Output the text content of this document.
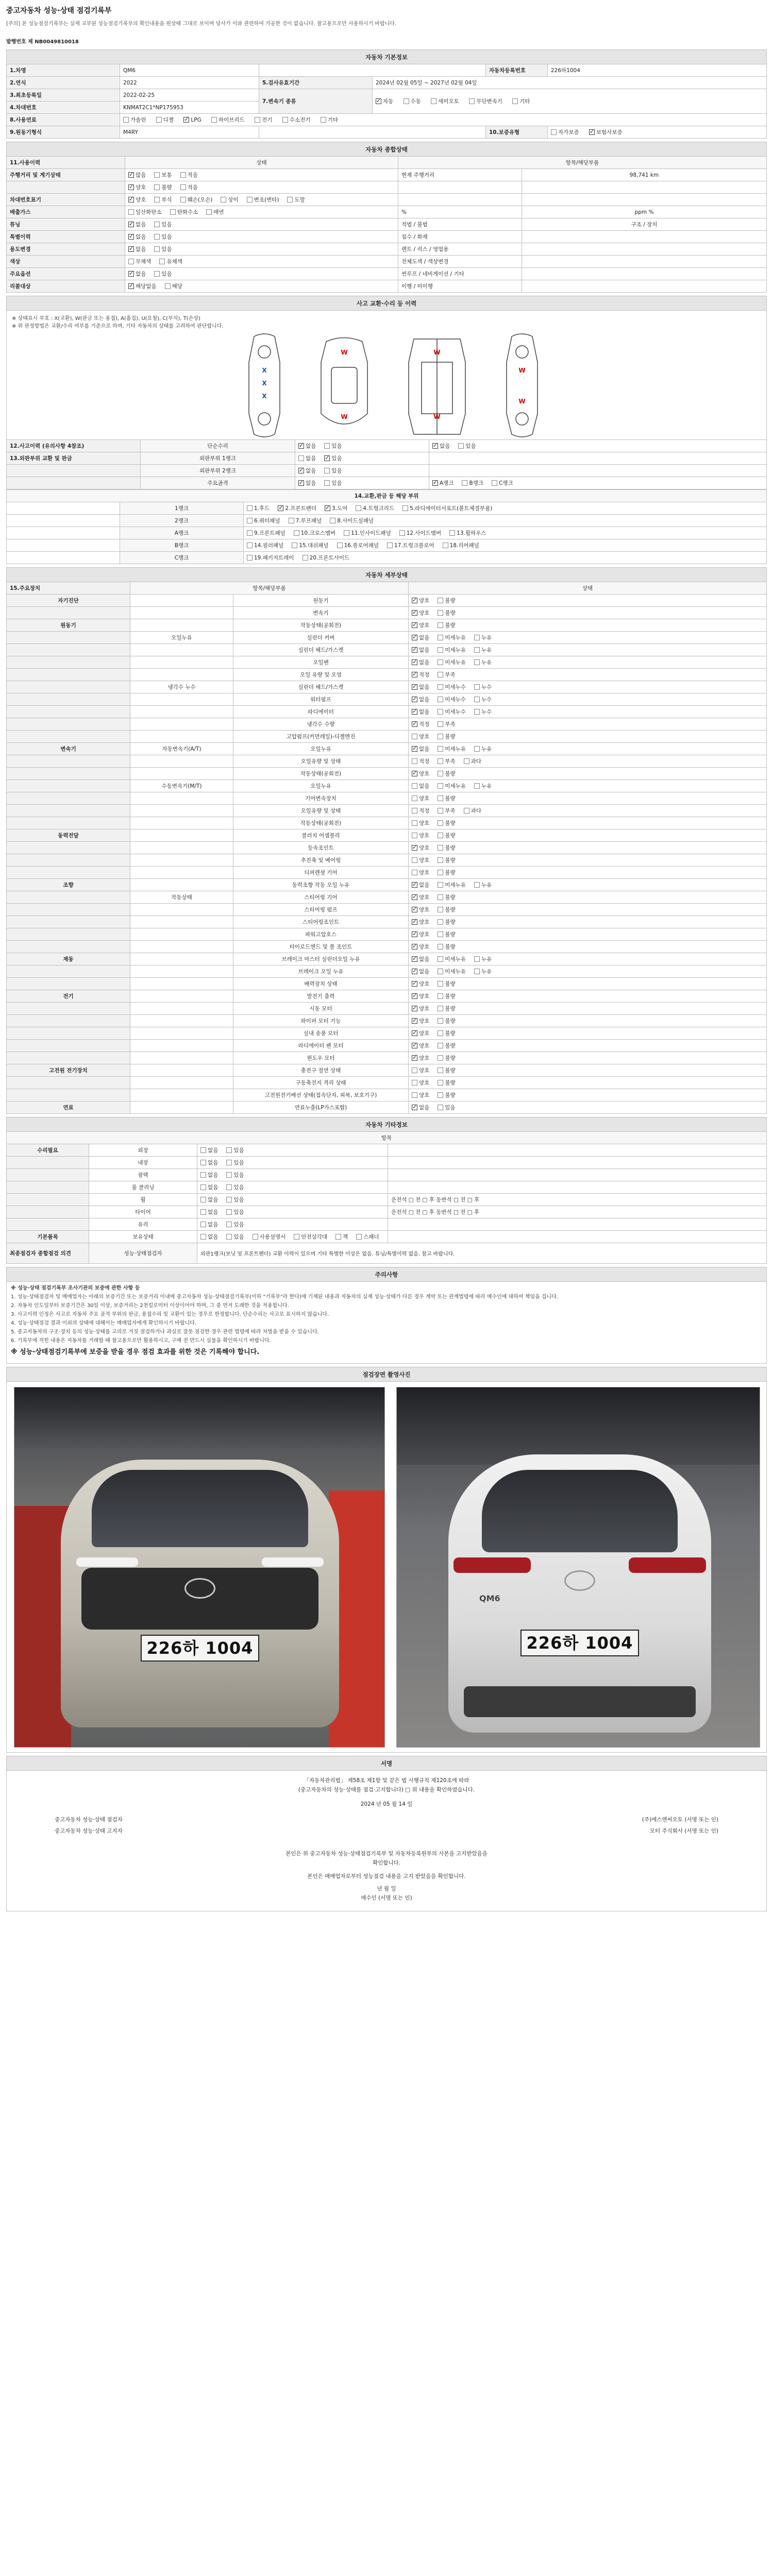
중고자동차 성능·상태 점검기록부
[주의] 본 성능점검기록부는 실제 교부된 성능점검기록부의 확인내용을 원상태 그대로 보이며 당사가 이와 관련하여 가공한 것이 없습니다. 참고용으로만 사용하시기 바랍니다.
발행번호 제 NB0049810018
자동차 기본정보					
1.차명	QM6			자동차등록번호	226하1004
2.연식	2022	5.검사유효기간	2024년 02월 05일 ~ 2027년 02월 04일		
3.최초등록일	2022-02-25	7.변속기 종류	✓자동 수동 세미오토 무단변속기 기타
4.차대번호	KNMAT2C1*NP175953				
8.사용연료	가솔린 디젤 ✓ LPG 하이브리드 전기 수소전기 기타
9.원동기형식	M4RY			10.보증유형	자가보증 ✓ 보험사보증
자동차 종합상태			
11.사용이력	상태	항목/해당부품	
주행거리 및 계기상태	✓많음 보통 적음	현재 주행거리	98,741 km
	✓양호 불량 적음		
차대번호표기	✓양호 부식 훼손(오손) 상이 변조(변타) 도말		
배출가스	일산화탄소 탄화수소 매연	%	ppm %
튜닝	✓없음 있음	적법 / 불법	구조 / 장치
특별이력	✓없음 있음	침수 / 화재	
용도변경	✓없음 있음	렌트 / 리스 / 영업용	
색상	무채색 유채색	전체도색 / 색상변경	
주요옵션	✓없음 있음	썬루프 / 네비게이션 / 기타	
리콜대상	✓해당없음 해당	이행 / 미이행	
사고 교환·수리 등 이력
※ 상태표시 부호 : X(교환), W(판금 또는 용접), A(흠집), U(요철), C(부식), T(손상)
※ 위 판정방법은 교환/수리 여부를 기준으로 하며, 기타 자동차의 상태를 고려하여 판단합니다.
X
X
X
W
W
W
W
W
W
12.사고이력 (유의사항 4참조)	단순수리	✓없음 있음	✓없음 있음
13.외판부위 교환 및 판금	외판부위 1랭크	없음 ✓ 있음	
	외판부위 2랭크	✓없음 있음	
	주요골격	✓없음 있음	✓A랭크 B랭크 C랭크
14.교환,판금 등 해당 부위		
	1랭크	1.후드 ✓ 2.프론트펜더 ✓ 3.도어 4.트렁크리드 5.라디에이터서포트(볼트체결부품)
	2랭크	6.쿼터패널 7.루프패널 8.사이드실패널
	A랭크	9.프론트패널 10.크로스멤버 11.인사이드패널 12.사이드멤버 13.휠하우스
	B랭크	14.필러패널 15.대쉬패널 16.플로어패널 17.트렁크플로어 18.리어패널
	C랭크	19.패키지트레이 20.프론트사이드
자동차 세부상태			
15.주요장치	항목/해당부품		상태
자기진단		원동기	✓양호 불량
		변속기	✓양호 불량
원동기		작동상태(공회전)	✓양호 불량
	오일누유	실린더 커버	✓없음 미세누유 누유
		실린더 헤드/가스켓	✓없음 미세누유 누유
		오일팬	✓없음 미세누유 누유
		오일 유량 및 오염	✓적정 부족
	냉각수 누수	실린더 헤드/가스켓	✓없음 미세누수 누수
		워터펌프	✓없음 미세누수 누수
		라디에이터	✓없음 미세누수 누수
		냉각수 수량	✓적정 부족
		고압펌프(커먼레일)-디젤엔진	양호 불량
변속기	자동변속기(A/T)	오일누유	✓없음 미세누유 누유
		오일유량 및 상태	적정 부족 과다
		작동상태(공회전)	✓양호 불량
	수동변속기(M/T)	오일누유	없음 미세누유 누유
		기어변속장치	양호 불량
		오일유량 및 상태	적정 부족 과다
		작동상태(공회전)	양호 불량
동력전달		클러치 어셈블리	양호 불량
		등속조인트	✓양호 불량
		추진축 및 베어링	양호 불량
		디퍼렌셜 기어	양호 불량
조향		동력조향 작동 오일 누유	✓없음 미세누유 누유
	작동상태	스티어링 기어	✓양호 불량
		스티어링 펌프	✓양호 불량
		스티어링조인트	✓양호 불량
		파워고압호스	✓양호 불량
		타이로드엔드 및 볼 조인트	✓양호 불량
제동		브레이크 마스터 실린더오일 누유	✓없음 미세누유 누유
		브레이크 오일 누유	✓없음 미세누유 누유
		배력장치 상태	✓양호 불량
전기		발전기 출력	✓양호 불량
		시동 모터	✓양호 불량
		와이퍼 모터 기능	✓양호 불량
		실내 송풍 모터	✓양호 불량
		라디에이터 팬 모터	✓양호 불량
		윈도우 모터	✓양호 불량
고전원 전기장치		충전구 절연 상태	양호 불량
		구동축전지 격리 상태	양호 불량
		고전원전기배선 상태(접속단자, 피복, 보호기구)	양호 불량
연료		연료누출(LP가스포함)	✓없음 있음
자동차 기타정보			
항목			
수리필요	외장	없음 있음	
	내장	없음 있음	
	광택	없음 있음	
	룸 클리닝	없음 있음	
	휠	없음 있음	운전석 □ 전 □ 후 동반석 □ 전 □ 후
	타이어	없음 있음	운전석 □ 전 □ 후 동반석 □ 전 □ 후
	유리	없음 있음	
기본품목	보유상태	없음 있음 사용설명서 안전삼각대 잭 스패너	
최종점검자 종합점검 의견	성능·상태점검자	외판1랭크(보닛 및 프론트펜더) 교환 이력이 있으며 기타 특별한 이상은 없음. 튜닝/특별이력 없음. 참고 바랍니다.	
주의사항

※ 성능·상태 점검기록부 조사기관의 보증에 관한 사항 등

1. 성능·상태점검자 및 매매업자는 아래의 보증기간 또는 보증거리 이내에 중고자동차 성능·상태점검기록부(이하 "기록부"라 한다)에 기재된 내용과 자동차의 실제 성능·상태가 다른 경우 계약 또는 관계법령에 따라 매수인에 대하여 책임을 집니다.

2. 자동차 인도일부터 보증기간은 30일 이상, 보증거리는 2천킬로미터 이상이어야 하며, 그 중 먼저 도래한 것을 적용합니다.

3. 사고이력 인정은 사고로 자동차 주요 골격 부위의 판금, 용접수리 및 교환이 있는 경우로 한정합니다. 단순수리는 사고로 표시하지 않습니다.

4. 성능·상태점검 결과 이외의 상태에 대해서는 매매업자에게 확인하시기 바랍니다.

5. 중고자동차의 구조·장치 등의 성능·상태를 고의로 거짓 점검하거나 과실로 잘못 점검한 경우 관련 법령에 따라 처벌을 받을 수 있습니다.

6. 기록부에 적힌 내용은 자동차를 거래할 때 참고용으로만 활용하시고, 구매 전 반드시 실물을 확인하시기 바랍니다.

※ 성능·상태점검기록부에 보증을 받을 경우 점검 효과를 위한 것은 기록해야 합니다.

점검장면 촬영사진
226하 1004
QM6
226하 1004
서명
「자동차관리법」 제58조 제1항 및 같은 법 시행규칙 제120조에 따라
(중고자동차의 성능·상태를 점검·고지합니다) □ 위 내용을 확인하였습니다.
2024 년 05 월 14 일
중고자동차 성능·상태 점검자	(주)에스엔씨오토 (서명 또는 인)
중고자동차 성능·상태 고지자	모터 주식회사 (서명 또는 인)
본인은 위 중고자동차 성능·상태점검기록부 및 자동차등록원부의 사본을 고지받았음을
확인합니다.
본인은 매매업자로부터 성능점검 내용을 고지 받았음을 확인합니다.
년 월 일
매수인 (서명 또는 인)
